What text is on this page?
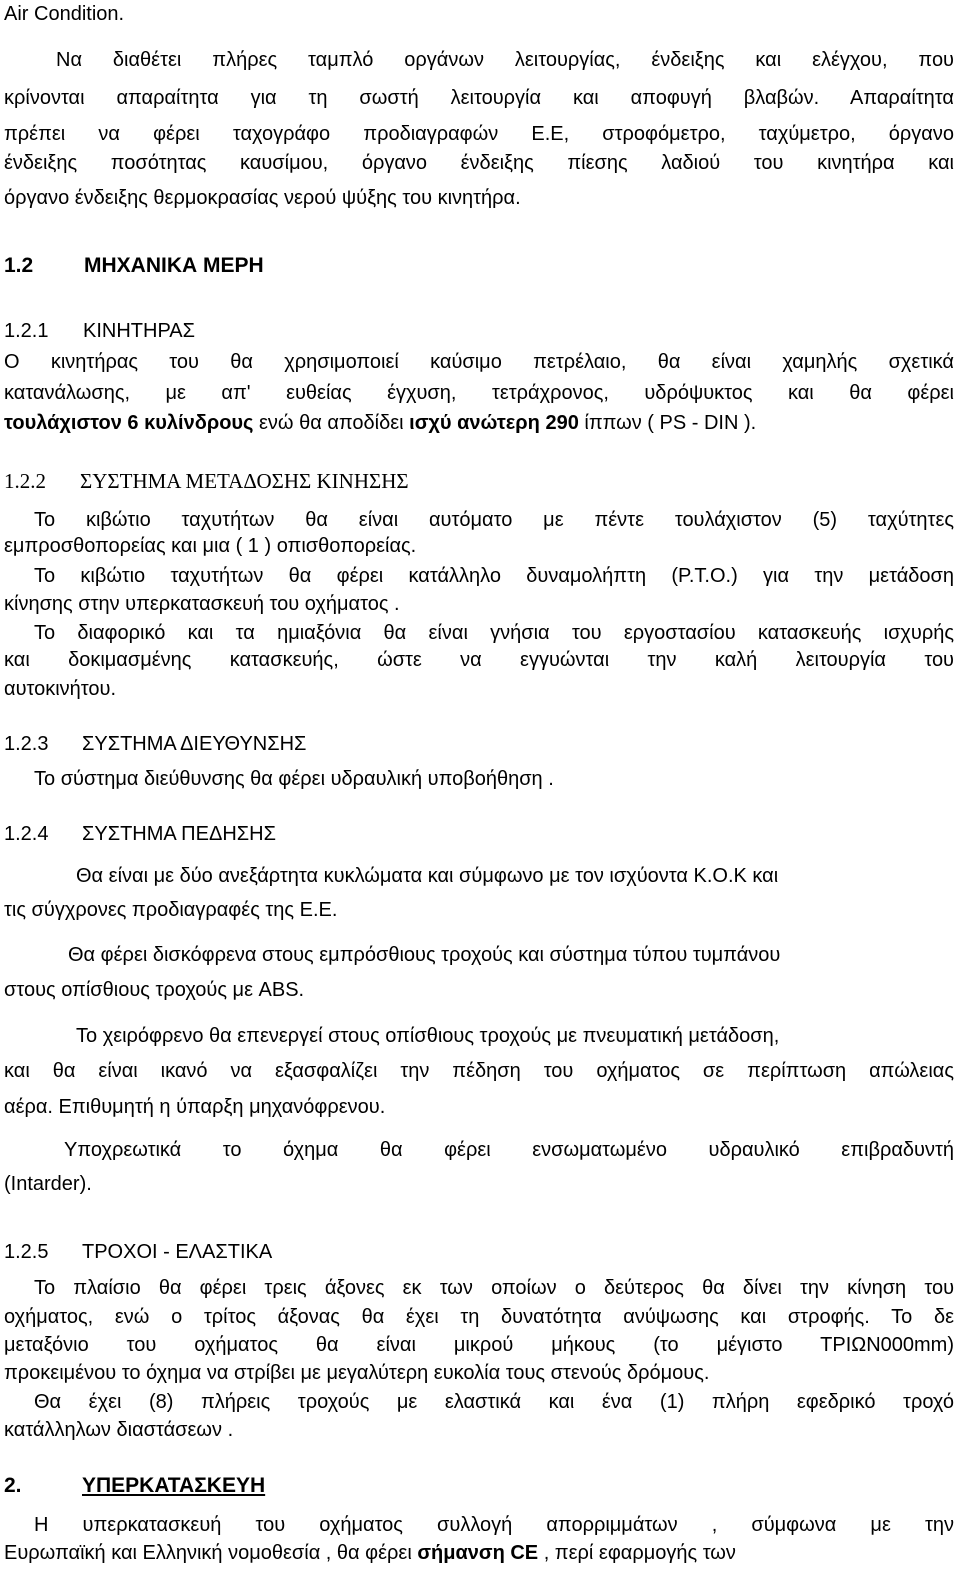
Air Condition.
Να διαθέτει πλήρες ταμπλό οργάνων λειτουργίας, ένδειξης και ελέγχου, που
κρίνονται απαραίτητα για τη σωστή λειτουργία και αποφυγή βλαβών. Απαραίτητα
πρέπει να φέρει ταχογράφο προδιαγραφών Ε.Ε, στροφόμετρο, ταχύμετρο, όργανο
ένδειξης ποσότητας καυσίμου, όργανο ένδειξης πίεσης λαδιού του κινητήρα και
όργανο ένδειξης θερμοκρασίας νερού ψύξης του κινητήρα.
1.2 ΜΗΧΑΝΙΚΑ ΜΕΡΗ
1.2.1 ΚΙΝΗΤΗΡΑΣ
Ο κινητήρας του θα χρησιμοποιεί καύσιμο πετρέλαιο, θα είναι χαμηλής σχετικά
κατανάλωσης, με απ' ευθείας έγχυση, τετράχρονος, υδρόψυκτος και θα φέρει
τουλάχιστον 6 κυλίνδρους ενώ θα αποδίδει ισχύ ανώτερη 290 ίππων ( PS - DIN ).
1.2.2 ΣΥΣΤΗΜΑ ΜΕΤΑΔΟΣΗΣ ΚΙΝΗΣΗΣ
Το κιβώτιο ταχυτήτων θα είναι αυτόματο με πέντε τουλάχιστον (5) ταχύτητες
εμπροσθοπορείας και μια ( 1 ) οπισθοπορείας.
Το κιβώτιο ταχυτήτων θα φέρει κατάλληλο δυναμολήπτη (Ρ.Τ.Ο.) για την μετάδοση
κίνησης στην υπερκατασκευή του οχήματος .
Το διαφορικό και τα ημιαξόνια θα είναι γνήσια του εργοστασίου κατασκευής ισχυρής
και δοκιμασμένης κατασκευής, ώστε να εγγυώνται την καλή λειτουργία του
αυτοκινήτου.
1.2.3 ΣΥΣΤΗΜΑ ΔΙΕΥΘΥΝΣΗΣ
Το σύστημα διεύθυνσης θα φέρει υδραυλική υποβοήθηση .
1.2.4 ΣΥΣΤΗΜΑ ΠΕΔΗΣΗΣ
Θα είναι με δύο ανεξάρτητα κυκλώματα και σύμφωνο με τον ισχύοντα Κ.Ο.Κ και
τις σύγχρονες προδιαγραφές της Ε.Ε.
Θα φέρει δισκόφρενα στους εμπρόσθιους τροχούς και σύστημα τύπου τυμπάνου
στους οπίσθιους τροχούς με ABS.
Το χειρόφρενο θα επενεργεί στους οπίσθιους τροχούς με πνευματική μετάδοση,
και θα είναι ικανό να εξασφαλίζει την πέδηση του οχήματος σε περίπτωση απώλειας
αέρα. Επιθυμητή η ύπαρξη μηχανόφρενου.
Υποχρεωτικά το όχημα θα φέρει ενσωματωμένο υδραυλικό επιβραδυντή
(Intarder).
1.2.5 ΤΡΟΧΟΙ - ΕΛΑΣΤΙΚΑ
Το πλαίσιο θα φέρει τρεις άξονες εκ των οποίων ο δεύτερος θα δίνει την κίνηση του
οχήματος, ενώ ο τρίτος άξονας θα έχει τη δυνατότητα ανύψωσης και στροφής. Το δε
μεταξόνιο του οχήματος θα είναι μικρού μήκους (το μέγιστο ΤΡΙΩΝ000mm)
προκειμένου το όχημα να στρίβει με μεγαλύτερη ευκολία τους στενούς δρόμους.
Θα έχει (8) πλήρεις τροχούς με ελαστικά και ένα (1) πλήρη εφεδρικό τροχό
κατάλληλων διαστάσεων .
2.	ΥΠΕΡΚΑΤΑΣΚΕΥΗ
Η υπερκατασκευή του οχήματος συλλογή απορριμμάτων , σύμφωνα με την
Ευρωπαϊκή και Ελληνική νομοθεσία , θα φέρει σήμανση CE , περί εφαρμογής των
